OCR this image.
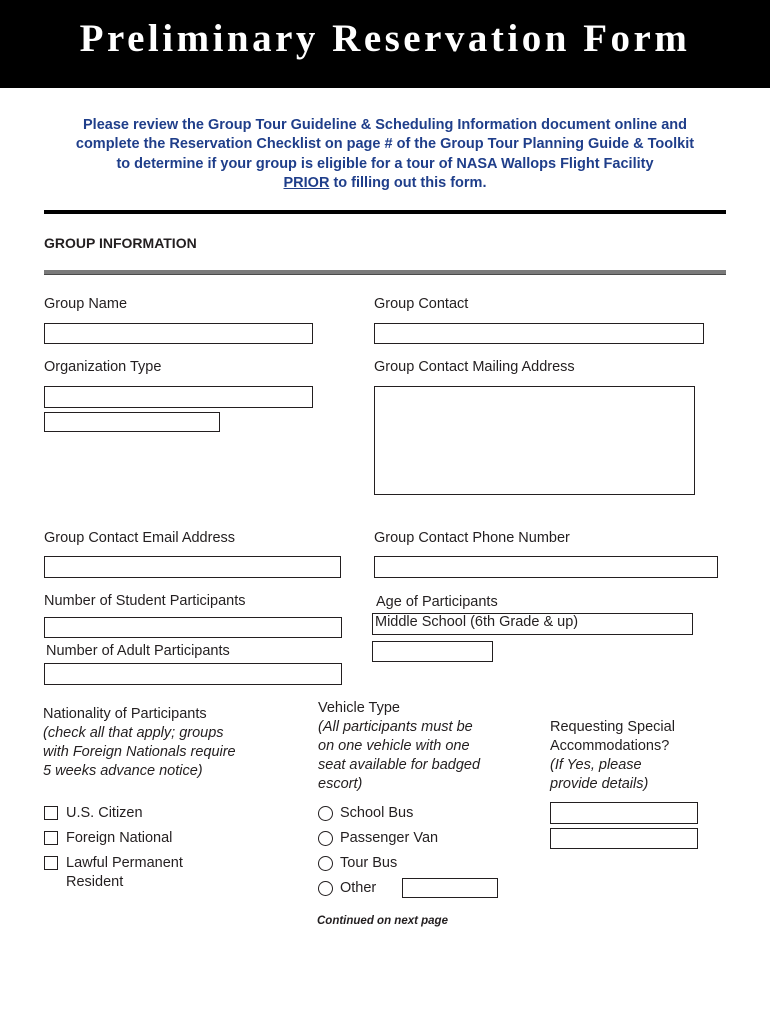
Preliminary Reservation Form
Please review the Group Tour Guideline & Scheduling Information document online and
complete the Reservation Checklist on page # of the Group Tour Planning Guide & Toolkit
to determine if your group is eligible for a tour of NASA Wallops Flight Facility
PRIOR to filling out this form.
GROUP INFORMATION
Group Name	Group Contact
Organization Type	Group Contact Mailing Address
Group Contact Email Address	Group Contact Phone Number
Number of Student Participants	Age of Participants
Middle School (6th Grade & up)
Number of Adult Participants
Nationality of Participants
(check all that apply; groups
with Foreign Nationals require
5 weeks advance notice)
U.S. Citizen
Foreign National
Lawful Permanent
Resident
Vehicle Type
(All participants must be
on one vehicle with one
seat available for badged
escort)
School Bus
Passenger Van
Tour Bus
Other
Requesting Special
Accommodations?
(If Yes, please
provide details)
Continued on next page
